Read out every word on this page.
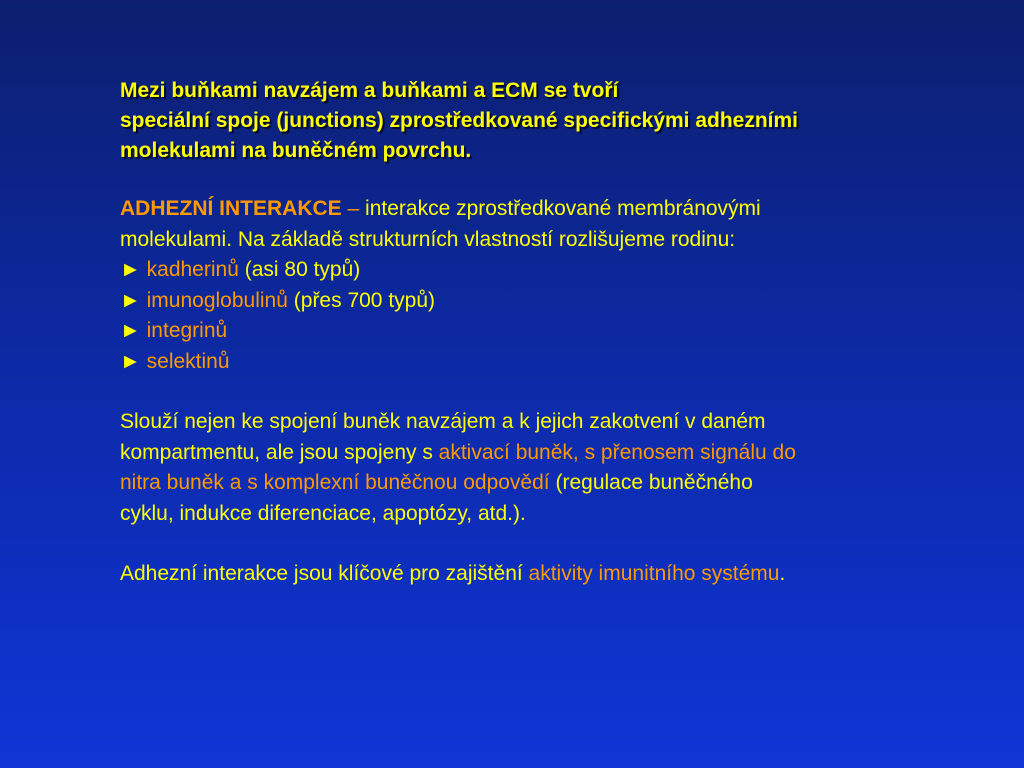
Mezi buňkami navzájem a buňkami a ECM se tvoří
speciální spoje (junctions) zprostředkované specifickými adhezními
molekulami na buněčném povrchu.
ADHEZNÍ INTERAKCE – interakce zprostředkované membránovými
molekulami. Na základě strukturních vlastností rozlišujeme rodinu:
► kadherinů (asi 80 typů)
► imunoglobulinů (přes 700 typů)
► integrinů
► selektinů
Slouží nejen ke spojení buněk navzájem a k jejich zakotvení v daném
kompartmentu, ale jsou spojeny s aktivací buněk, s přenosem signálu do
nitra buněk a s komplexní buněčnou odpovědí (regulace buněčného
cyklu, indukce diferenciace, apoptózy, atd.).
Adhezní interakce jsou klíčové pro zajištění aktivity imunitního systému.
